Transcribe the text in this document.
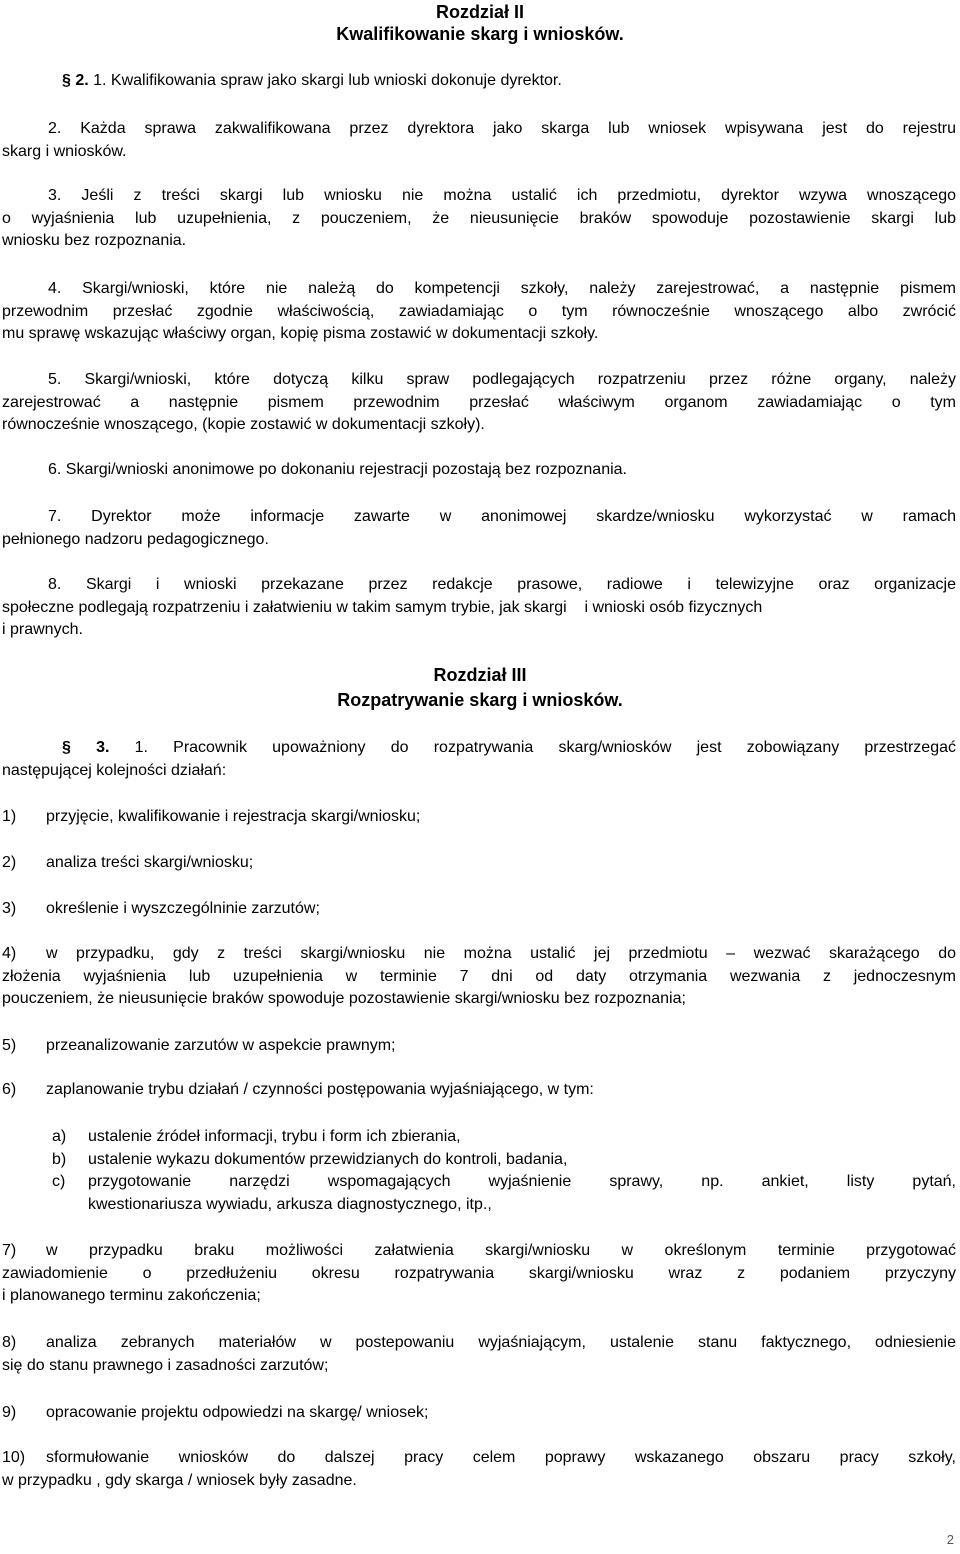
Rozdział II
Kwalifikowanie skarg i wniosków.
§ 2. 1. Kwalifikowania spraw jako skargi lub wnioski dokonuje dyrektor.
2. Każda sprawa zakwalifikowana przez dyrektora jako skarga lub wniosek wpisywana jest do rejestru
skarg i wniosków.
3. Jeśli z treści skargi lub wniosku nie można ustalić ich przedmiotu, dyrektor wzywa wnoszącego
o wyjaśnienia lub uzupełnienia, z pouczeniem, że nieusunięcie braków spowoduje pozostawienie skargi lub
wniosku bez rozpoznania.
4. Skargi/wnioski, które nie należą do kompetencji szkoły, należy zarejestrować, a następnie pismem
przewodnim przesłać zgodnie właściwością, zawiadamiając o tym równocześnie wnoszącego albo zwrócić
mu sprawę wskazując właściwy organ, kopię pisma zostawić w dokumentacji szkoły.
5. Skargi/wnioski, które dotyczą kilku spraw podlegających rozpatrzeniu przez różne organy, należy
zarejestrować a następnie pismem przewodnim przesłać właściwym organom zawiadamiając o tym
równocześnie wnoszącego, (kopie zostawić w dokumentacji szkoły).
6. Skargi/wnioski anonimowe po dokonaniu rejestracji pozostają bez rozpoznania.
7. Dyrektor może informacje zawarte w anonimowej skardze/wniosku wykorzystać w ramach
pełnionego nadzoru pedagogicznego.
8. Skargi i wnioski przekazane przez redakcje prasowe, radiowe i telewizyjne oraz organizacje
społeczne podlegają rozpatrzeniu i załatwieniu w takim samym trybie, jak skargi    i wnioski osób fizycznych
i prawnych.
Rozdział III
Rozpatrywanie skarg i wniosków.
§ 3. 1. Pracownik upoważniony do rozpatrywania skarg/wniosków jest zobowiązany przestrzegać
następującej kolejności działań:
1) przyjęcie, kwalifikowanie i rejestracja skargi/wniosku;
2) analiza treści skargi/wniosku;
3) określenie i wyszczególninie zarzutów;
4) w przypadku, gdy z treści skargi/wniosku nie można ustalić jej przedmiotu – wezwać skarażącego do
złożenia wyjaśnienia lub uzupełnienia w terminie 7 dni od daty otrzymania wezwania z jednoczesnym
pouczeniem, że nieusunięcie braków spowoduje pozostawienie skargi/wniosku bez rozpoznania;
5) przeanalizowanie zarzutów w aspekcie prawnym;
6) zaplanowanie trybu działań / czynności postępowania wyjaśniającego, w tym:
a) ustalenie źródeł informacji, trybu i form ich zbierania,
b) ustalenie wykazu dokumentów przewidzianych do kontroli, badania,
c) przygotowanie narzędzi wspomagających wyjaśnienie sprawy, np. ankiet, listy pytań,
kwestionariusza wywiadu, arkusza diagnostycznego, itp.,
7) w przypadku braku możliwości załatwienia skargi/wniosku w określonym terminie przygotować
zawiadomienie o przedłużeniu okresu rozpatrywania skargi/wniosku wraz z podaniem przyczyny
i planowanego terminu zakończenia;
8) analiza zebranych materiałów w postepowaniu wyjaśniającym, ustalenie stanu faktycznego, odniesienie
się do stanu prawnego i zasadności zarzutów;
9) opracowanie projektu odpowiedzi na skargę/ wniosek;
10) sformułowanie wniosków do dalszej pracy celem poprawy wskazanego obszaru pracy szkoły,
w przypadku , gdy skarga / wniosek były zasadne.
2
